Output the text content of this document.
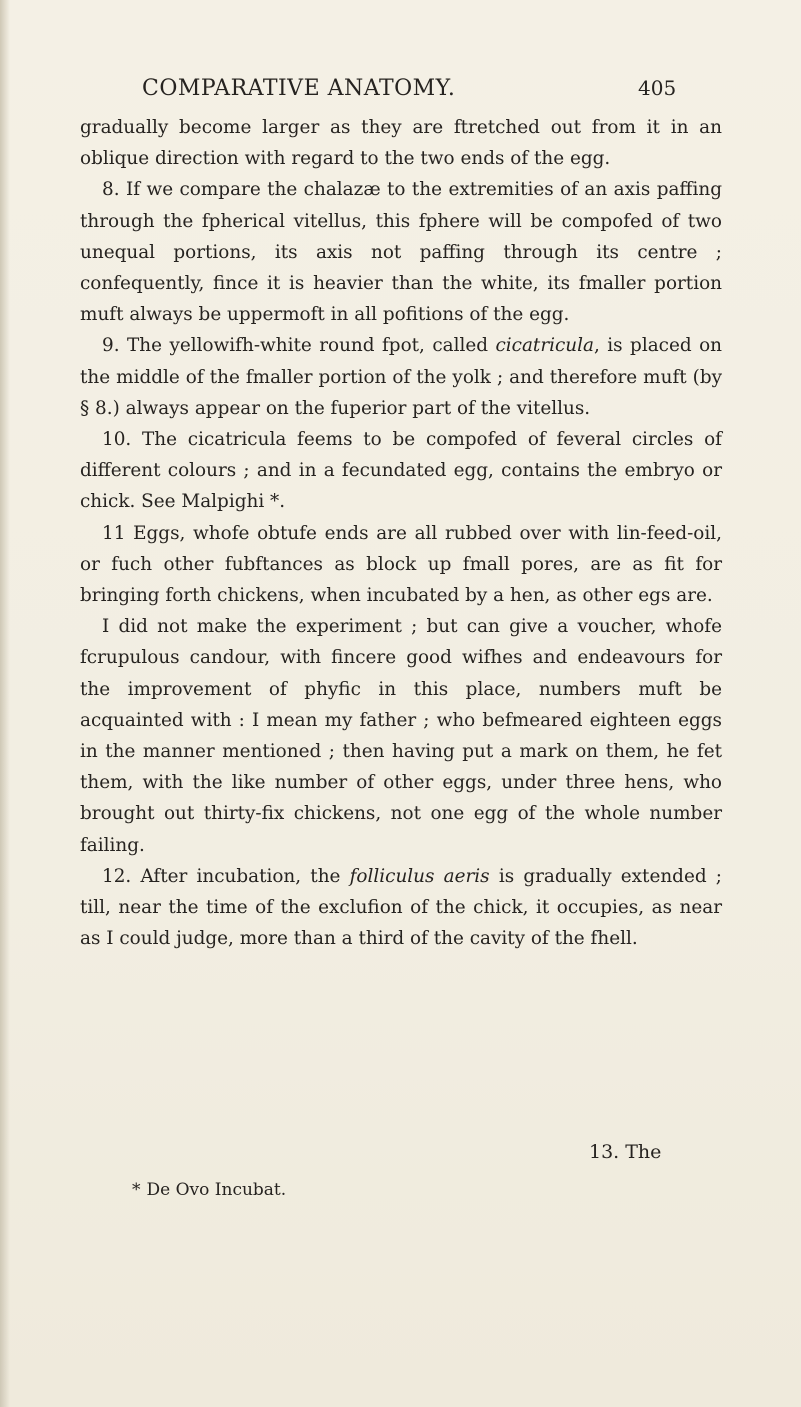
COMPARATIVE ANATOMY.	405

gradually become larger as they are ftretched out from it in an oblique direction with regard to the two ends of the egg.

8. If we compare the chalazæ to the extremities of an axis paffing through the fpherical vitellus, this fphere will be compofed of two unequal portions, its axis not paffing through its centre ; confequently, fince it is heavier than the white, its fmaller portion muft always be uppermoft in all pofitions of the egg.

9. The yellowifh-white round fpot, called cicatricula, is placed on the middle of the fmaller portion of the yolk ; and therefore muft (by § 8.) always appear on the fuperior part of the vitellus.

10. The cicatricula feems to be compofed of feveral circles of different colours ; and in a fecundated egg, contains the embryo or chick. See Malpighi *.

11 Eggs, whofe obtufe ends are all rubbed over with lin-feed-oil, or fuch other fubftances as block up fmall pores, are as fit for bringing forth chickens, when incubated by a hen, as other egs are.

I did not make the experiment ; but can give a voucher, whofe fcrupulous candour, with fincere good wifhes and endeavours for the improvement of phyfic in this place, numbers muft be acquainted with : I mean my father ; who befmeared eighteen eggs in the manner mentioned ; then having put a mark on them, he fet them, with the like number of other eggs, under three hens, who brought out thirty-fix chickens, not one egg of the whole number failing.

12. After incubation, the folliculus aeris is gradually extended ; till, near the time of the exclufion of the chick, it occupies, as near as I could judge, more than a third of the cavity of the fhell.

13. The
* De Ovo Incubat.
